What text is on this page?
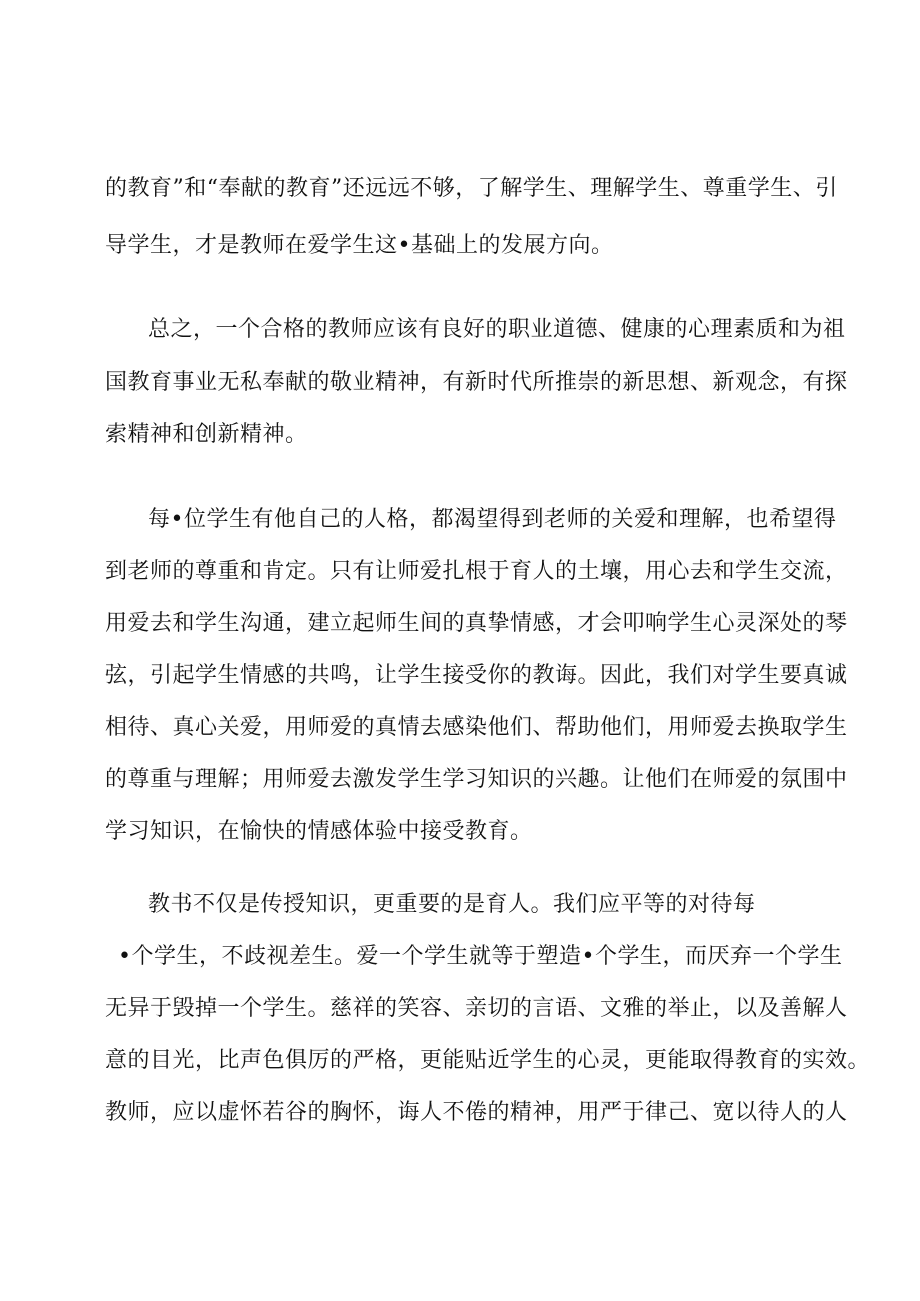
的教育”和“奉献的教育”还远远不够，了解学生、理解学生、尊重学生、引

导学生，才是教师在爱学生这•基础上的发展方向。

总之，一个合格的教师应该有良好的职业道德、健康的心理素质和为祖

国教育事业无私奉献的敬业精神，有新时代所推崇的新思想、新观念，有探

索精神和创新精神。

每•位学生有他自己的人格，都渴望得到老师的关爱和理解，也希望得

到老师的尊重和肯定。只有让师爱扎根于育人的土壤，用心去和学生交流，

用爱去和学生沟通，建立起师生间的真挚情感，才会叩响学生心灵深处的琴

弦，引起学生情感的共鸣，让学生接受你的教诲。因此，我们对学生要真诚

相待、真心关爱，用师爱的真情去感染他们、帮助他们，用师爱去换取学生

的尊重与理解；用师爱去激发学生学习知识的兴趣。让他们在师爱的氛围中

学习知识，在愉快的情感体验中接受教育。

教书不仅是传授知识，更重要的是育人。我们应平等的对待每

•个学生，不歧视差生。爱一个学生就等于塑造•个学生，而厌弃一个学生

无异于毁掉一个学生。慈祥的笑容、亲切的言语、文雅的举止，以及善解人

意的目光，比声色俱厉的严格，更能贴近学生的心灵，更能取得教育的实效。

教师，应以虚怀若谷的胸怀，诲人不倦的精神，用严于律己、宽以待人的人
